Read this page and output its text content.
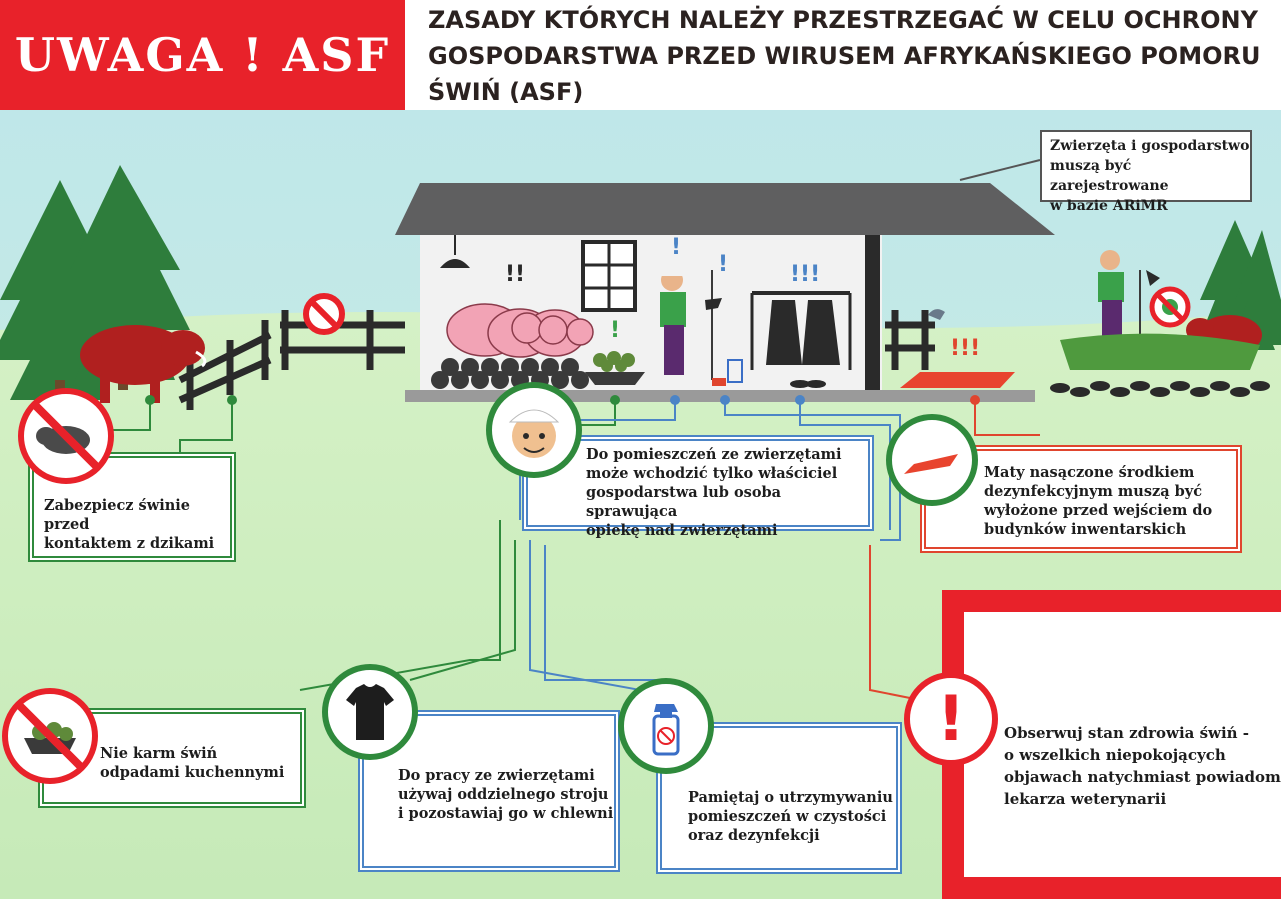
!!
!
!
!	!!!
!!!
UWAGA ! ASF
ZASADY KTÓRYCH NALEŻY PRZESTRZEGAĆ W CELU OCHRONY
GOSPODARSTWA PRZED WIRUSEM AFRYKAŃSKIEGO POMORU
ŚWIŃ (ASF)
Zwierzęta i gospodarstwo
muszą być zarejestrowane
w bazie ARiMR
Zabezpiecz świnie przed
kontaktem z dzikami
Do pomieszczeń ze zwierzętami
może wchodzić tylko właściciel
gospodarstwa lub osoba sprawująca
opiekę nad zwierzętami
Maty nasączone środkiem
dezynfekcyjnym muszą być
wyłożone przed wejściem do
budynków inwentarskich
Nie karm świń
odpadami kuchennymi	Do pracy ze zwierzętami
używaj oddzielnego stroju
i pozostawiaj go w chlewni
Pamiętaj o utrzymywaniu
pomieszczeń w czystości
oraz dezynfekcji
Obserwuj stan zdrowia świń -
o wszelkich niepokojących
objawach natychmiast powiadom
lekarza weterynarii
!
